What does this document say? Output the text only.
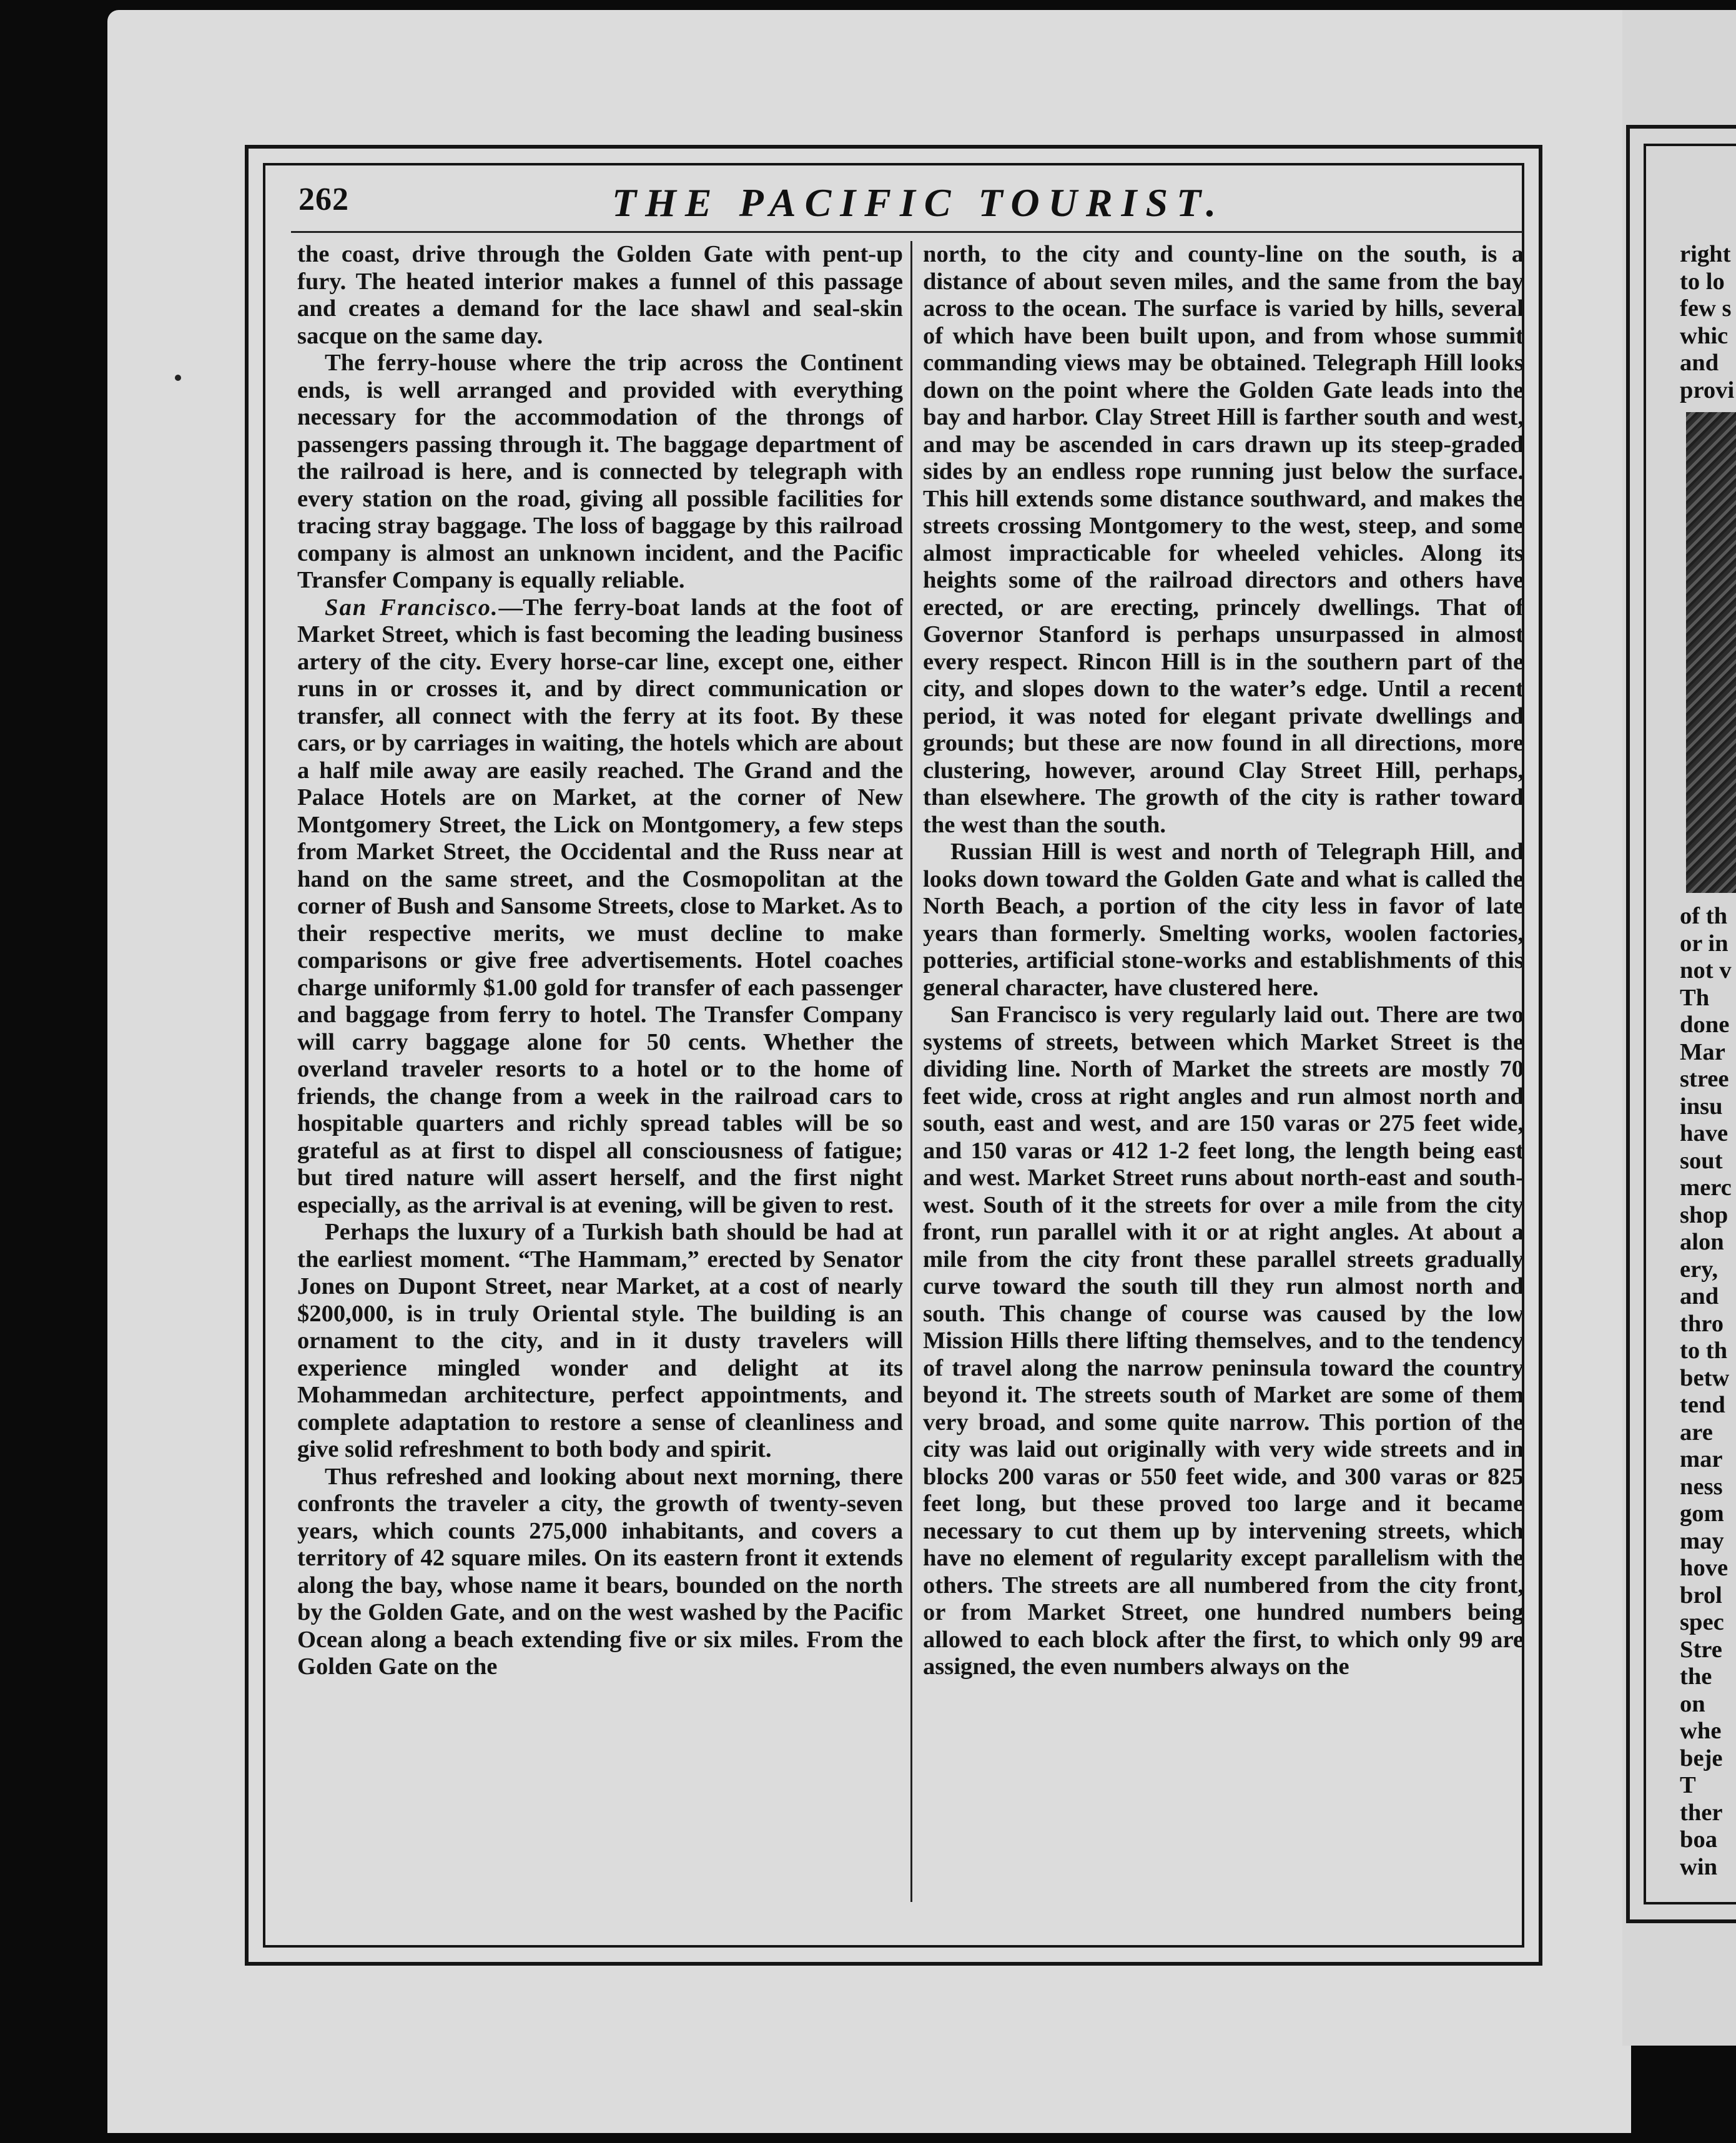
262	THE PACIFIC TOURIST.

the coast, drive through the Golden Gate with pent-up fury. The heated interior makes a funnel of this passage and creates a demand for the lace shawl and seal-skin sacque on the same day.

The ferry-house where the trip across the Continent ends, is well arranged and provided with everything necessary for the accommodation of the throngs of passengers passing through it. The baggage department of the railroad is here, and is connected by telegraph with every station on the road, giving all possible facilities for tracing stray baggage. The loss of baggage by this railroad company is almost an unknown incident, and the Pacific Transfer Company is equally reliable.

San Francisco.—The ferry-boat lands at the foot of Market Street, which is fast becoming the leading business artery of the city. Every horse-car line, except one, either runs in or crosses it, and by direct communication or transfer, all connect with the ferry at its foot. By these cars, or by carriages in waiting, the hotels which are about a half mile away are easily reached. The Grand and the Palace Hotels are on Market, at the corner of New Montgomery Street, the Lick on Montgomery, a few steps from Market Street, the Occidental and the Russ near at hand on the same street, and the Cosmopolitan at the corner of Bush and Sansome Streets, close to Market. As to their respective merits, we must decline to make comparisons or give free advertisements. Hotel coaches charge uniformly $1.00 gold for transfer of each passenger and baggage from ferry to hotel. The Transfer Company will carry baggage alone for 50 cents. Whether the overland traveler resorts to a hotel or to the home of friends, the change from a week in the railroad cars to hospitable quarters and richly spread tables will be so grateful as at first to dispel all consciousness of fatigue; but tired nature will assert herself, and the first night especially, as the arrival is at evening, will be given to rest.

Perhaps the luxury of a Turkish bath should be had at the earliest moment. “The Hammam,” erected by Senator Jones on Dupont Street, near Market, at a cost of nearly $200,000, is in truly Oriental style. The building is an ornament to the city, and in it dusty travelers will experience mingled wonder and delight at its Mohammedan architecture, perfect appointments, and complete adaptation to restore a sense of cleanliness and give solid refreshment to both body and spirit.

Thus refreshed and looking about next morning, there confronts the traveler a city, the growth of twenty-seven years, which counts 275,000 inhabitants, and covers a territory of 42 square miles. On its eastern front it extends along the bay, whose name it bears, bounded on the north by the Golden Gate, and on the west washed by the Pacific Ocean along a beach extending five or six miles. From the Golden Gate on the

north, to the city and county-line on the south, is a distance of about seven miles, and the same from the bay across to the ocean. The surface is varied by hills, several of which have been built upon, and from whose summit commanding views may be obtained. Telegraph Hill looks down on the point where the Golden Gate leads into the bay and harbor. Clay Street Hill is farther south and west, and may be ascended in cars drawn up its steep-graded sides by an endless rope running just below the surface. This hill extends some distance southward, and makes the streets crossing Montgomery to the west, steep, and some almost impracticable for wheeled vehicles. Along its heights some of the railroad directors and others have erected, or are erecting, princely dwellings. That of Governor Stanford is perhaps unsurpassed in almost every respect. Rincon Hill is in the southern part of the city, and slopes down to the water’s edge. Until a recent period, it was noted for elegant private dwellings and grounds; but these are now found in all directions, more clustering, however, around Clay Street Hill, perhaps, than elsewhere. The growth of the city is rather toward the west than the south.

Russian Hill is west and north of Telegraph Hill, and looks down toward the Golden Gate and what is called the North Beach, a portion of the city less in favor of late years than formerly. Smelting works, woolen factories, potteries, artificial stone-works and establishments of this general character, have clustered here.

San Francisco is very regularly laid out. There are two systems of streets, between which Market Street is the dividing line. North of Market the streets are mostly 70 feet wide, cross at right angles and run almost north and south, east and west, and are 150 varas or 275 feet wide, and 150 varas or 412 1-2 feet long, the length being east and west. Market Street runs about north-east and south-west. South of it the streets for over a mile from the city front, run parallel with it or at right angles. At about a mile from the city front these parallel streets gradually curve toward the south till they run almost north and south. This change of course was caused by the low Mission Hills there lifting themselves, and to the tendency of travel along the narrow peninsula toward the country beyond it. The streets south of Market are some of them very broad, and some quite narrow. This portion of the city was laid out originally with very wide streets and in blocks 200 varas or 550 feet wide, and 300 varas or 825 feet long, but these proved too large and it became necessary to cut them up by intervening streets, which have no element of regularity except parallelism with the others. The streets are all numbered from the city front, or from Market Street, one hundred numbers being allowed to each block after the first, to which only 99 are assigned, the even numbers always on the

right
to lo
few s
whic
and
provi
of th
or in
not v
Th
done
Mar
stree
insu
have
sout
merc
shop
alon
ery,
and
thro
to th
betw
tend
are
mar
ness
gom
may
hove
brol
spec
Stre
the
on
whe
beje
T
ther
boa
win
